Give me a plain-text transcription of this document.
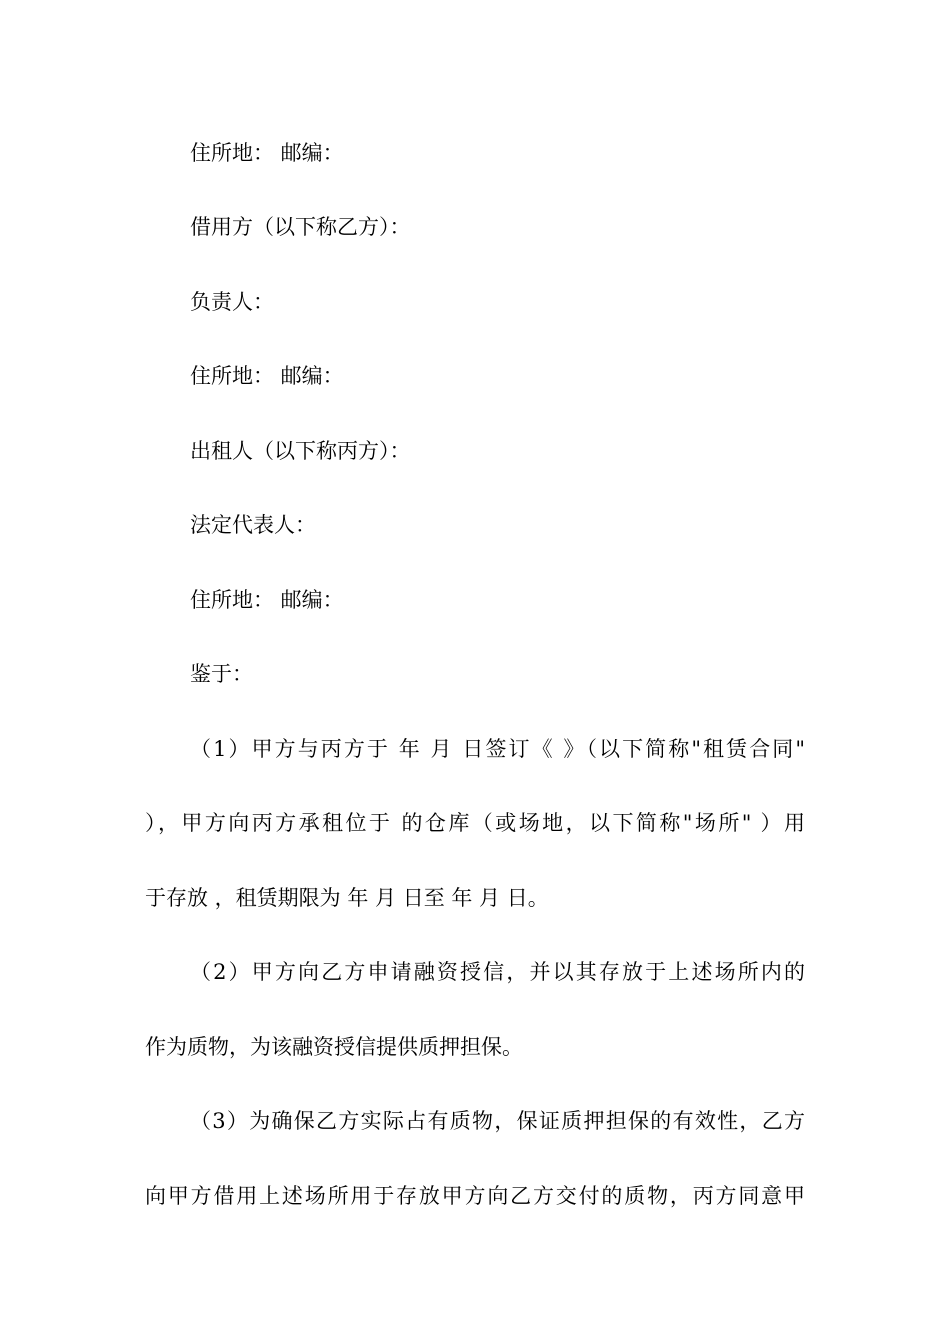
住所地： 邮编：
借用方（以下称乙方）：
负责人：
住所地： 邮编：
出租人（以下称丙方）：
法定代表人：
住所地： 邮编：
鉴于：
（1）甲方与丙方于 年 月 日签订《 》（以下简称"租赁合同"
），甲方向丙方承租位于 的仓库（或场地，以下简称"场所" ）用
于存放 ，租赁期限为 年 月 日至 年 月 日。
（2）甲方向乙方申请融资授信，并以其存放于上述场所内的
作为质物，为该融资授信提供质押担保。
（3）为确保乙方实际占有质物，保证质押担保的有效性，乙方
向甲方借用上述场所用于存放甲方向乙方交付的质物，丙方同意甲
